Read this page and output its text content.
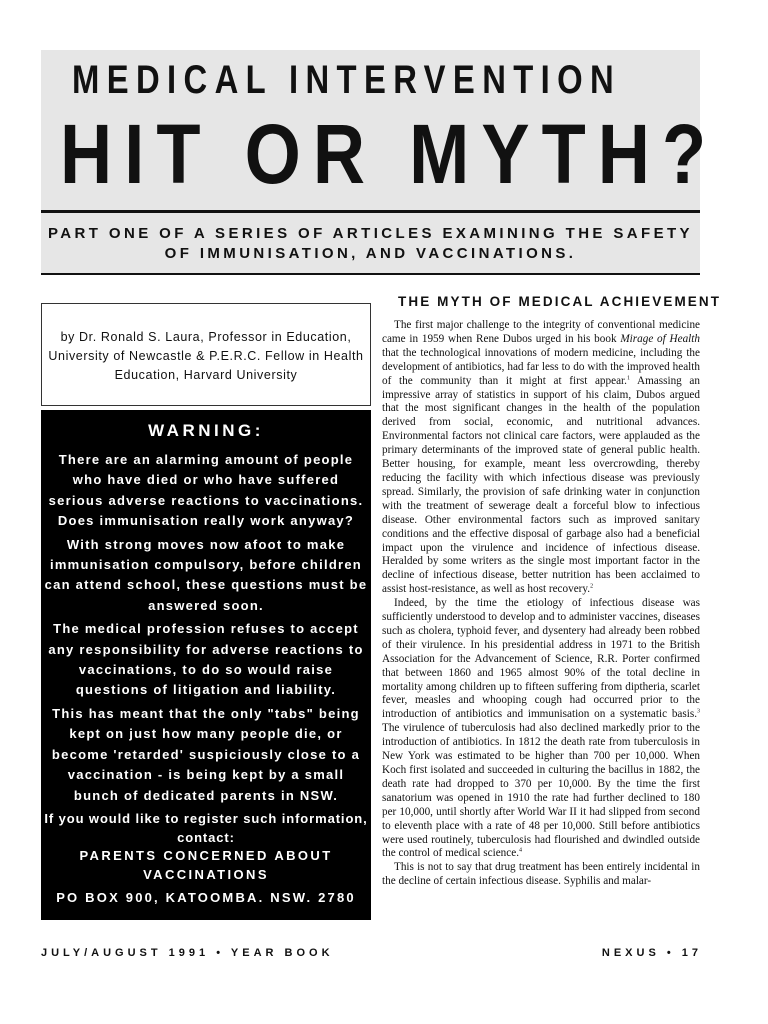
MEDICAL INTERVENTION
HIT OR MYTH?
PART ONE OF A SERIES OF ARTICLES EXAMINING THE SAFETY OF IMMUNISATION, AND VACCINATIONS.
by Dr. Ronald S. Laura, Professor in Education, University of Newcastle & P.E.R.C. Fellow in Health Education, Harvard University
WARNING:

There are an alarming amount of people who have died or who have suffered serious adverse reactions to vaccinations. Does immunisation really work anyway?

With strong moves now afoot to make immunisation compulsory, before children can attend school, these questions must be answered soon.

The medical profession refuses to accept any responsibility for adverse reactions to vaccinations, to do so would raise questions of litigation and liability.

This has meant that the only "tabs" being kept on just how many people die, or become 'retarded' suspiciously close to a vaccination - is being kept by a small bunch of dedicated parents in NSW.

If you would like to register such information, contact:
PARENTS CONCERNED ABOUT VACCINATIONS
PO BOX 900, KATOOMBA. NSW. 2780
THE MYTH OF MEDICAL ACHIEVEMENT

The first major challenge to the integrity of conventional medicine came in 1959 when Rene Dubos urged in his book Mirage of Health that the technological innovations of modern medicine, including the development of antibiotics, had far less to do with the improved health of the community than it might at first appear.$^1$ Amassing an impressive array of statistics in support of his claim, Dubos argued that the most significant changes in the health of the population derived from social, economic, and nutritional advances. Environmental factors not clinical care factors, were applauded as the primary determinants of the improved state of general public health. Better housing, for example, meant less overcrowding, thereby reducing the facility with which infectious disease was previously spread. Similarly, the provision of safe drinking water in conjunction with the treatment of sewerage dealt a forceful blow to infectious disease. Other environmental factors such as improved sanitary conditions and the effective disposal of garbage also had a beneficial impact upon the virulence and incidence of infectious disease. Heralded by some writers as the single most important factor in the decline of infectious disease, better nutrition has been acclaimed to assist host-resistance, as well as host recovery.$^2$

Indeed, by the time the etiology of infectious disease was sufficiently understood to develop and to administer vaccines, diseases such as cholera, typhoid fever, and dysentery had already been robbed of their virulence. In his presidential address in 1971 to the British Association for the Advancement of Science, R.R. Porter confirmed that between 1860 and 1965 almost 90% of the total decline in mortality among children up to fifteen suffering from diptheria, scarlet fever, measles and whooping cough had occurred prior to the introduction of antibiotics and immunisation on a systematic basis.$^3$ The virulence of tuberculosis had also declined markedly prior to the introduction of antibiotics. In 1812 the death rate from tuberculosis in New York was estimated to be higher than 700 per 10,000. When Koch first isolated and succeeded in culturing the bacillus in 1882, the death rate had dropped to 370 per 10,000. By the time the first sanatorium was opened in 1910 the rate had further declined to 180 per 10,000, until shortly after World War II it had slipped from second to eleventh place with a rate of 48 per 10,000. Still before antibiotics were used routinely, tuberculosis had flourished and dwindled outside the control of medical science.$^4$

This is not to say that drug treatment has been entirely incidental in the decline of certain infectious disease. Syphilis and malar-

JULY/AUGUST 1991 • YEAR BOOK	NEXUS • 17
